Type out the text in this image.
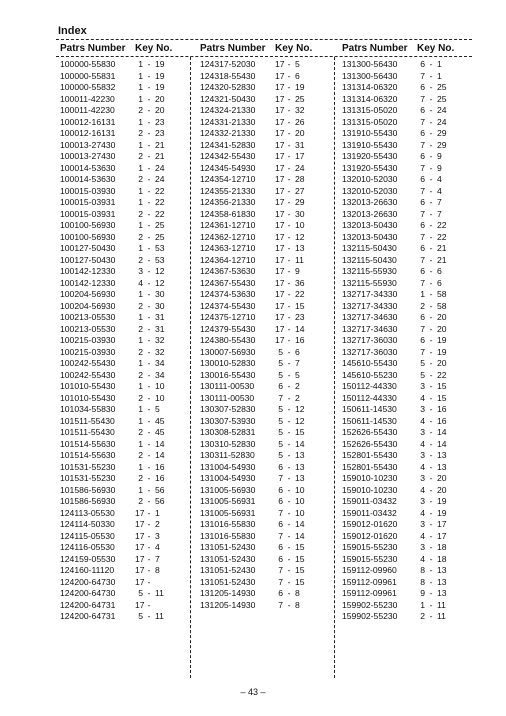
Index
Patrs Number Key No.
100000-55830	1 - 19
100000-55831	1 - 19
100000-55832	1 - 19
100011-42230	1 - 20
100011-42230	2 - 20
100012-16131	1 - 23
100012-16131	2 - 23
100013-27430	1 - 21
100013-27430	2 - 21
100014-53630	1 - 24
100014-53630	2 - 24
100015-03930	1 - 22
100015-03931	1 - 22
100015-03931	2 - 22
100100-56930	1 - 25
100100-56930	2 - 25
100127-50430	1 - 53
100127-50430	2 - 53
100142-12330	3 - 12
100142-12330	4 - 12
100204-56930	1 - 30
100204-56930	2 - 30
100213-05530	1 - 31
100213-05530	2 - 31
100215-03930	1 - 32
100215-03930	2 - 32
100242-55430	1 - 34
100242-55430	2 - 34
101010-55430	1 - 10
101010-55430	2 - 10
101034-55830	1 - 5
101511-55430	1 - 45
101511-55430	2 - 45
101514-55630	1 - 14
101514-55630	2 - 14
101531-55230	1 - 16
101531-55230	2 - 16
101586-56930	1 - 56
101586-56930	2 - 56
124113-05530 17 - 1
124114-50330 17 - 2
124115-05530 17 - 3
124116-05530 17 - 4
124159-05530 17 - 7
124160-11120 17 - 8
124200-64730 17 -
124200-64730	5 - 11
124200-64731 17 -
124200-64731	5 - 11
Patrs Number Key No.
124317-52030 17 - 5
124318-55430 17 - 6
124320-52830 17 - 19
124321-50430 17 - 25
124324-21330 17 - 32
124331-21330 17 - 26
124332-21330 17 - 20
124341-52830 17 - 31
124342-55430 17 - 17
124345-54930 17 - 24
124354-12710 17 - 28
124355-21330 17 - 27
124356-21330 17 - 29
124358-61830 17 - 30
124361-12710 17 - 10
124362-12710 17 - 12
124363-12710 17 - 13
124364-12710 17 - 11
124367-53630 17 - 9
124367-55430 17 - 36
124374-53630 17 - 22
124374-55430 17 - 15
124375-12710 17 - 23
124379-55430 17 - 14
124380-55430 17 - 16
130007-56930	5 - 6
130010-52830	5 - 7
130016-55430	5 - 5
130111-00530	6 - 2
130111-00530	7 - 2
130307-52830	5 - 12
130307-53930	5 - 12
130308-52831	5 - 15
130310-52830	5 - 14
130311-52830	5 - 13
131004-54930	6 - 13
131004-54930	7 - 13
131005-56930	6 - 10
131005-56931	6 - 10
131005-56931	7 - 10
131016-55830	6 - 14
131016-55830	7 - 14
131051-52430	6 - 15
131051-52430	6 - 15
131051-52430	7 - 15
131051-52430	7 - 15
131205-14930	6 - 8
131205-14930	7 - 8
Patrs Number Key No.
131300-56430	6 - 1
131300-56430	7 - 1
131314-06320	6 - 25
131314-06320	7 - 25
131315-05020	6 - 24
131315-05020	7 - 24
131910-55430	6 - 29
131910-55430	7 - 29
131920-55430	6 - 9
131920-55430	7 - 9
132010-52030	6 - 4
132010-52030	7 - 4
132013-26630	6 - 7
132013-26630	7 - 7
132013-50430	6 - 22
132013-50430	7 - 22
132115-50430	6 - 21
132115-50430	7 - 21
132115-55930	6 - 6
132115-55930	7 - 6
132717-34330	1 - 58
132717-34330	2 - 58
132717-34630	6 - 20
132717-34630	7 - 20
132717-36030	6 - 19
132717-36030	7 - 19
145610-55430	5 - 20
145610-55230	5 - 22
150112-44330	3 - 15
150112-44330	4 - 15
150611-14530	3 - 16
150611-14530	4 - 16
152626-55430	3 - 14
152626-55430	4 - 14
152801-55430	3 - 13
152801-55430	4 - 13
159010-10230	3 - 20
159010-10230	4 - 20
159011-03432	3 - 19
159011-03432	4 - 19
159012-01620	3 - 17
159012-01620	4 - 17
159015-55230	3 - 18
159015-55230	4 - 18
159112-09960	8 - 13
159112-09961	8 - 13
159112-09961	9 - 13
159902-55230	1 - 11
159902-55230	2 - 11
– 43 –
